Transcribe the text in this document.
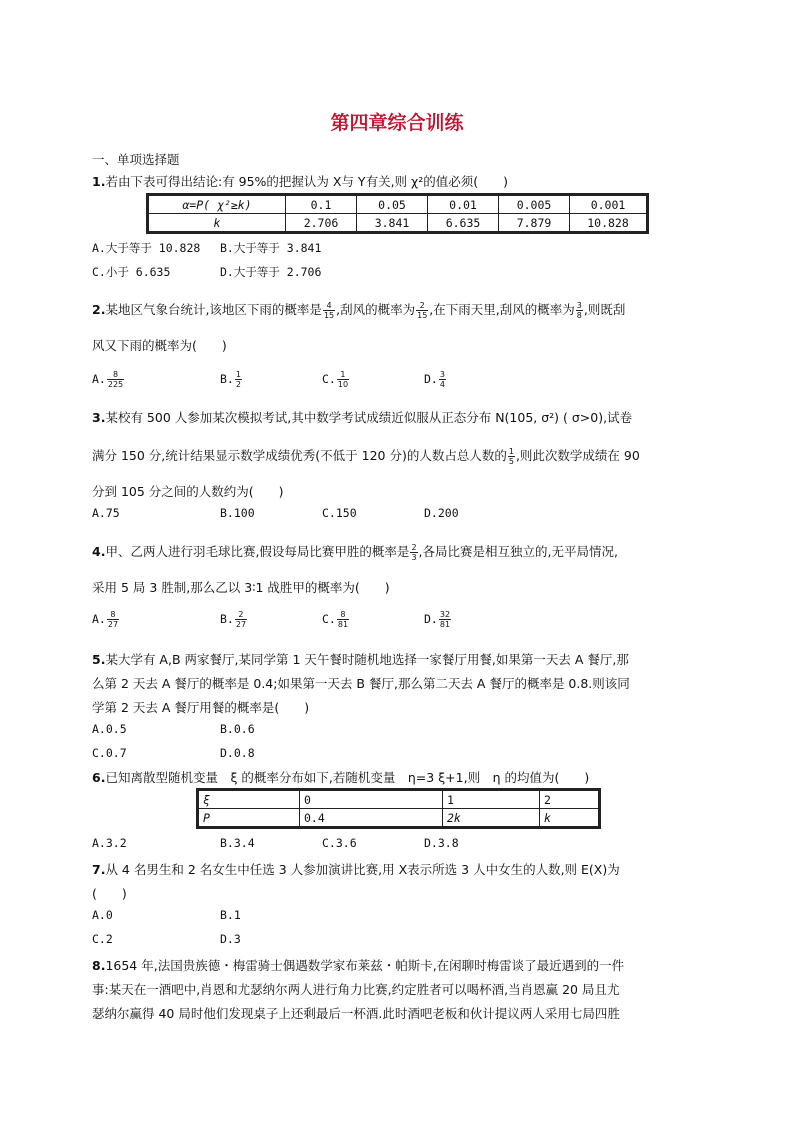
第四章综合训练
一、单项选择题
1.若由下表可得出结论:有 95%的把握认为 X与 Y有关,则 χ²的值必须(　　)
α=P( χ²≥k)	0.1	0.05	0.01	0.005	0.001
k	2.706	3.841	6.635	7.879	10.828
A.大于等于 10.828 B.大于等于 3.841
C.小于 6.635	D.大于等于 2.706
2.某地区气象台统计,该地区下雨的概率是 $\frac{4}{15}$ ,刮风的概率为 $\frac{2}{15}$ ,在下雨天里,刮风的概率为 $\frac{3}{8}$ ,则既刮
风又下雨的概率为(　　)
A. $\frac{8}{225}$	B. $\frac{1}{2}$	C. $\frac{1}{10}$	D. $\frac{3}{4}$
3.某校有 500 人参加某次模拟考试,其中数学考试成绩近似服从正态分布 N(105, σ²) ( σ>0),试卷
满分 150 分,统计结果显示数学成绩优秀(不低于 120 分)的人数占总人数的 $\frac{1}{5}$ ,则此次数学成绩在 90
分到 105 分之间的人数约为(　　)
A.75	B.100	C.150	D.200
4.甲、乙两人进行羽毛球比赛,假设每局比赛甲胜的概率是 $\frac{2}{3}$ ,各局比赛是相互独立的,无平局情况,
采用 5 局 3 胜制,那么乙以 3∶1 战胜甲的概率为(　　)
A. $\frac{8}{27}$	B. $\frac{2}{27}$	C. $\frac{8}{81}$	D. $\frac{32}{81}$
5.某大学有 A,B 两家餐厅,某同学第 1 天午餐时随机地选择一家餐厅用餐,如果第一天去 A 餐厅,那
么第 2 天去 A 餐厅的概率是 0.4;如果第一天去 B 餐厅,那么第二天去 A 餐厅的概率是 0.8.则该同
学第 2 天去 A 餐厅用餐的概率是(　　)
A.0.5	B.0.6
C.0.7	D.0.8
6.已知离散型随机变量　ξ 的概率分布如下,若随机变量　η=3 ξ+1,则　η 的均值为(　　)
ξ	0	1	2
P	0.4	2k	k
A.3.2	B.3.4	C.3.6	D.3.8
7.从 4 名男生和 2 名女生中任选 3 人参加演讲比赛,用 X表示所选 3 人中女生的人数,则 E(X)为
(　　)
A.0	B.1
C.2	D.3
8.1654 年,法国贵族德・梅雷骑士偶遇数学家布莱兹・帕斯卡,在闲聊时梅雷谈了最近遇到的一件
事:某天在一酒吧中,肖恩和尤瑟纳尔两人进行角力比赛,约定胜者可以喝杯酒,当肖恩赢 20 局且尤
瑟纳尔赢得 40 局时他们发现桌子上还剩最后一杯酒.此时酒吧老板和伙计提议两人采用七局四胜
